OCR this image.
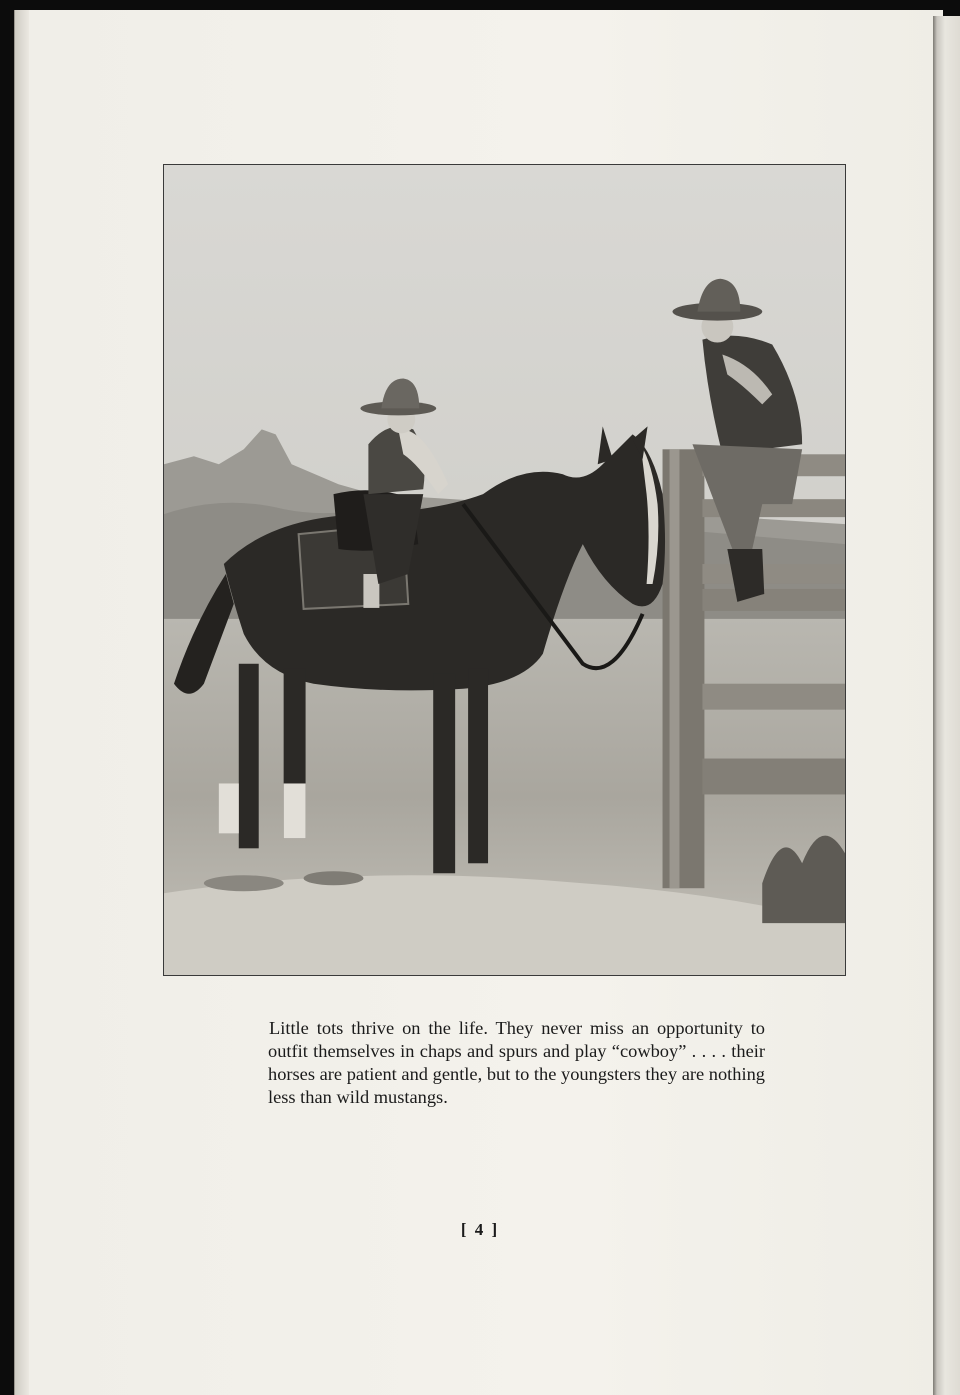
Little tots thrive on the life. They never miss an opportunity to outfit themselves in chaps and spurs and play “cowboy” . . . . their horses are patient and gentle, but to the youngsters they are nothing less than wild mustangs.

[ 4 ]
